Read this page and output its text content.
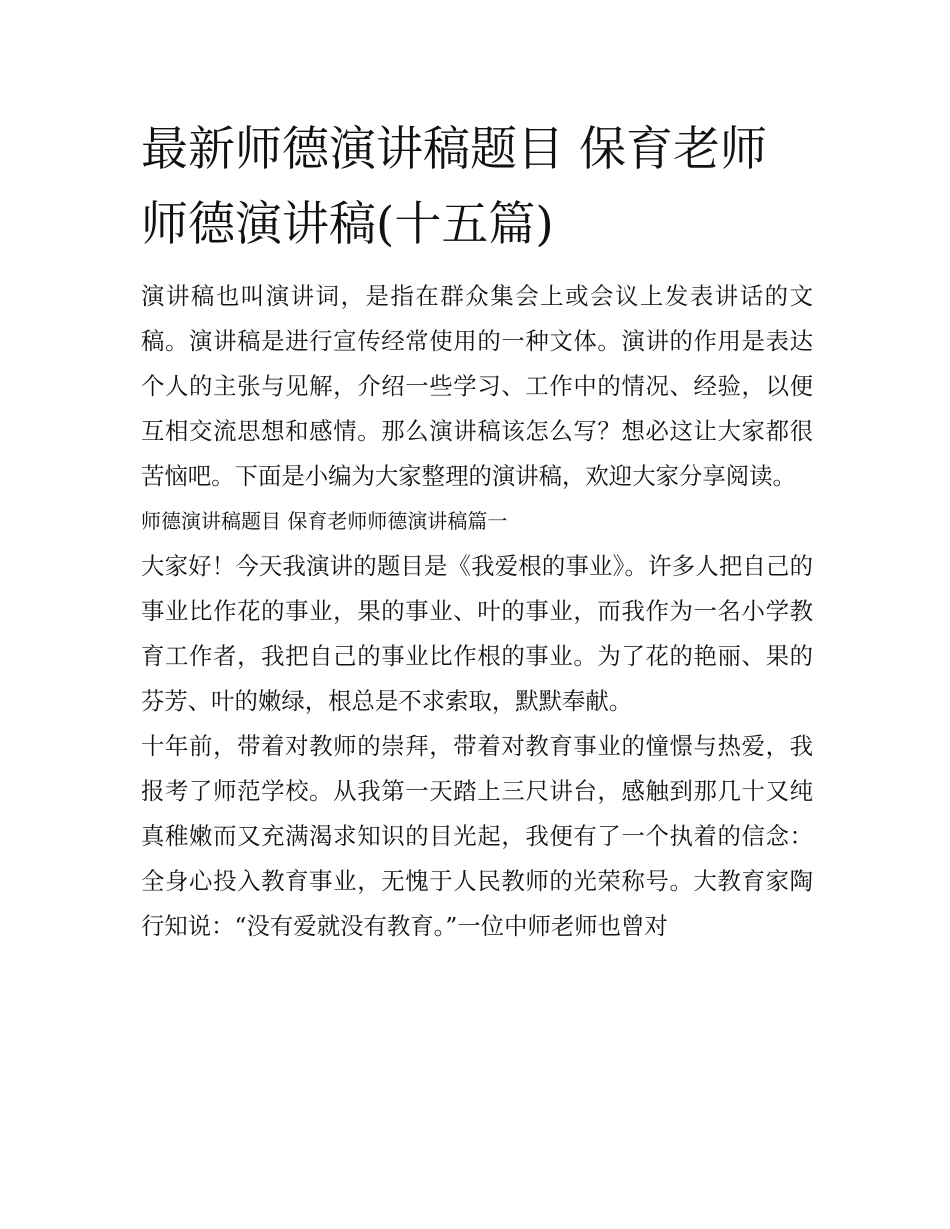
最新师德演讲稿题目 保育老师师德演讲稿(十五篇)

演讲稿也叫演讲词，是指在群众集会上或会议上发表讲话的文稿。演讲稿是进行宣传经常使用的一种文体。演讲的作用是表达个人的主张与见解，介绍一些学习、工作中的情况、经验，以便互相交流思想和感情。那么演讲稿该怎么写？想必这让大家都很苦恼吧。下面是小编为大家整理的演讲稿，欢迎大家分享阅读。

师德演讲稿题目 保育老师师德演讲稿篇一

大家好！今天我演讲的题目是《我爱根的事业》。许多人把自己的事业比作花的事业，果的事业、叶的事业，而我作为一名小学教育工作者，我把自己的事业比作根的事业。为了花的艳丽、果的芬芳、叶的嫩绿，根总是不求索取，默默奉献。

十年前，带着对教师的崇拜，带着对教育事业的憧憬与热爱，我报考了师范学校。从我第一天踏上三尺讲台，感触到那几十又纯真稚嫩而又充满渴求知识的目光起，我便有了一个执着的信念：全身心投入教育事业，无愧于人民教师的光荣称号。大教育家陶行知说：“没有爱就没有教育。”一位中师老师也曾对
